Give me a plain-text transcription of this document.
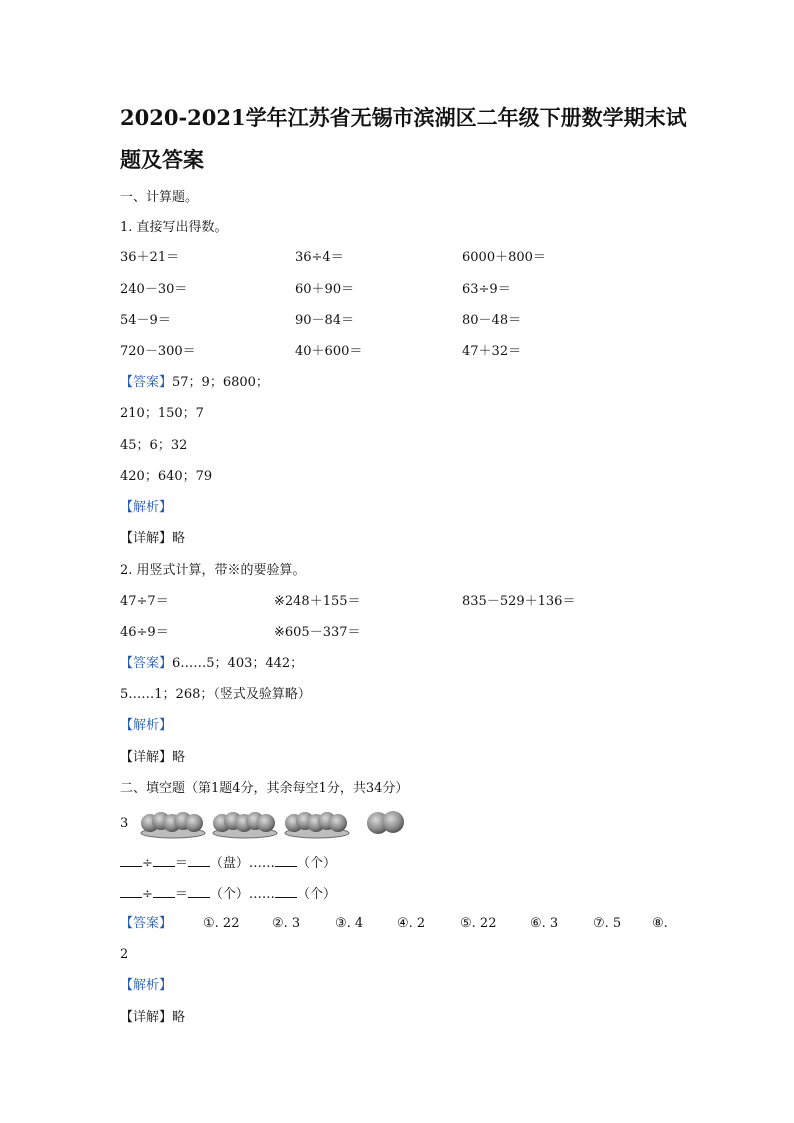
2020-2021学年江苏省无锡市滨湖区二年级下册数学期末试
题及答案
一、计算题。
1. 直接写出得数。
36＋21＝	36÷4＝	6000＋800＝
240－30＝	60＋90＝	63÷9＝
54－9＝	90－84＝	80－48＝
720－300＝	40＋600＝	47＋32＝
【答案】57；9；6800；
210；150；7
45；6；32
420；640；79
【解析】
【详解】略
2. 用竖式计算，带※的要验算。
47÷7＝	※248＋155＝	835－529＋136＝
46÷9＝	※605－337＝
【答案】6……5；403；442；
5……1；268；（竖式及验算略）
【解析】
【详解】略
二、填空题（第1题4分，其余每空1分，共34分）
3
÷ ＝ （盘）…… （个）
÷ ＝ （个）…… （个）
【答案】 ①. 22	②. 3	③. 4	④. 2	⑤. 22	⑥. 3	⑦. 5 ⑧.
2
【解析】
【详解】略
